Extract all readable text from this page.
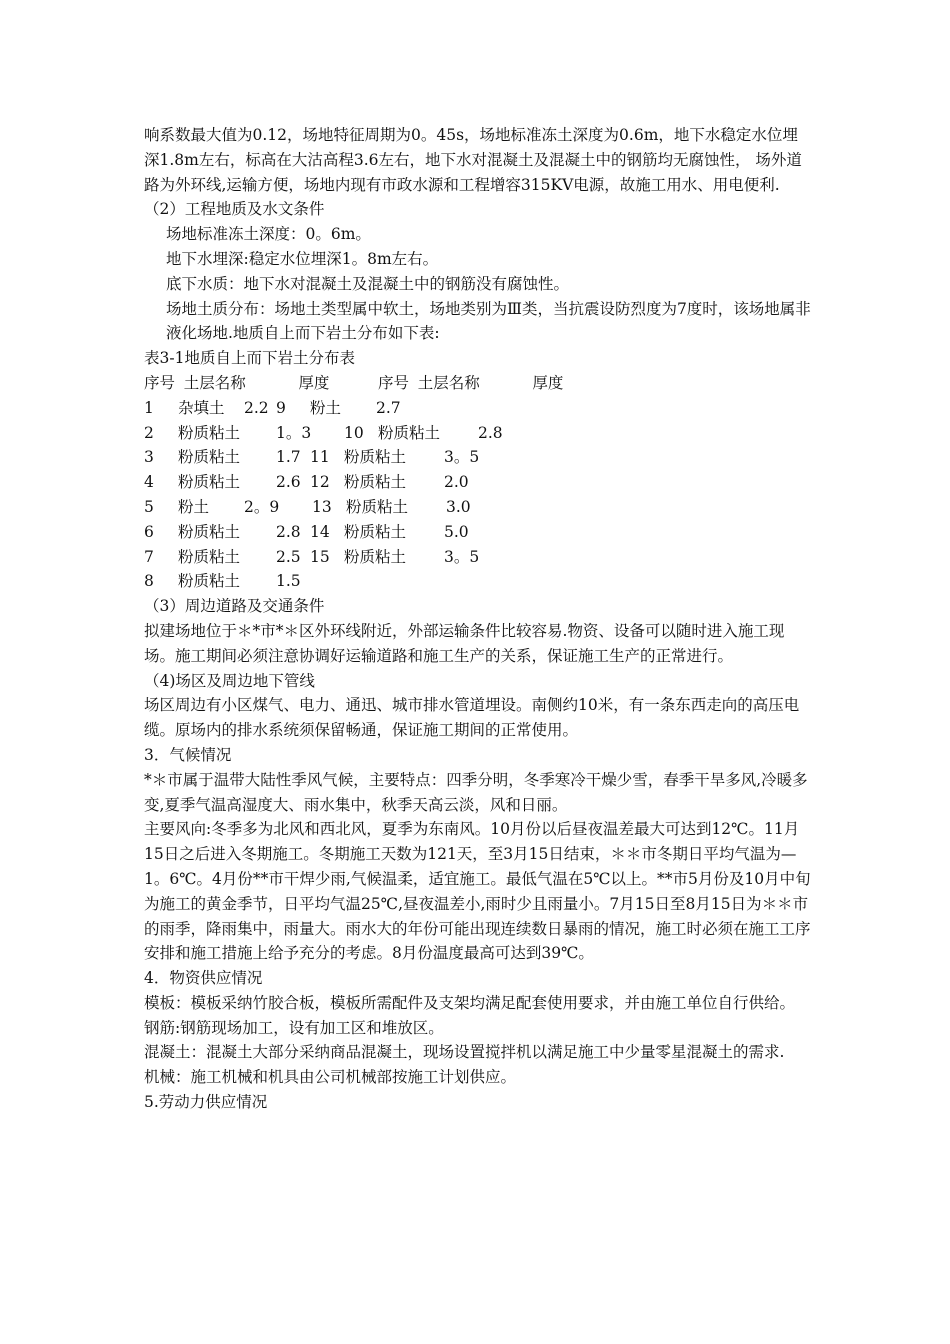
响系数最大值为0.12，场地特征周期为0。45s，场地标准冻土深度为0.6m，地下水稳定水位埋深1.8m左右，标高在大沽高程3.6左右，地下水对混凝土及混凝土中的钢筋均无腐蚀性， 场外道路为外环线,运输方便，场地内现有市政水源和工程增容315KV电源，故施工用水、用电便利.

（2）工程地质及水文条件

场地标准冻土深度：0。6m。

地下水埋深:稳定水位埋深1。8m左右。

底下水质：地下水对混凝土及混凝土中的钢筋没有腐蚀性。

场地土质分布：场地土类型属中软土，场地类别为Ⅲ类，当抗震设防烈度为7度时，该场地属非液化场地.地质自上而下岩土分布如下表:

表3-1地质自上而下岩土分布表

序号	土层名称	厚度	序号	土层名称	厚度
1 杂填土 2.2 9 粉土 2.7
2 粉质粘土 1。3 10 粉质粘土 2.8
3 粉质粘土 1.7 11 粉质粘土 3。5
4 粉质粘土 2.6 12 粉质粘土 2.0
5 粉土 2。9 13 粉质粘土 3.0
6 粉质粘土 2.8 14 粉质粘土 5.0
7 粉质粘土 2.5 15 粉质粘土 3。5
8 粉质粘土 1.5

（3）周边道路及交通条件

拟建场地位于＊*市*＊区外环线附近，外部运输条件比较容易.物资、设备可以随时进入施工现场。施工期间必须注意协调好运输道路和施工生产的关系，保证施工生产的正常进行。

（4)场区及周边地下管线

场区周边有小区煤气、电力、通迅、城市排水管道埋设。南侧约10米，有一条东西走向的高压电缆。原场内的排水系统须保留畅通，保证施工期间的正常使用。

3．气候情况

*＊市属于温带大陆性季风气候，主要特点：四季分明，冬季寒冷干燥少雪，春季干旱多风,冷暖多变,夏季气温高湿度大、雨水集中，秋季天高云淡，风和日丽。

主要风向:冬季多为北风和西北风，夏季为东南风。10月份以后昼夜温差最大可达到12℃。11月15日之后进入冬期施工。冬期施工天数为121天，至3月15日结束，＊＊市冬期日平均气温为—1。6℃。4月份**市干焊少雨,气候温柔，适宜施工。最低气温在5℃以上。**市5月份及10月中旬为施工的黄金季节，日平均气温25℃,昼夜温差小,雨时少且雨量小。7月15日至8月15日为＊＊市的雨季，降雨集中，雨量大。雨水大的年份可能出现连续数日暴雨的情况，施工时必须在施工工序安排和施工措施上给予充分的考虑。8月份温度最高可达到39℃。

4．物资供应情况

模板：模板采纳竹胶合板，模板所需配件及支架均满足配套使用要求，并由施工单位自行供给。

钢筋:钢筋现场加工，设有加工区和堆放区。

混凝土：混凝土大部分采纳商品混凝土，现场设置搅拌机以满足施工中少量零星混凝土的需求.

机械：施工机械和机具由公司机械部按施工计划供应。

5.劳动力供应情况
